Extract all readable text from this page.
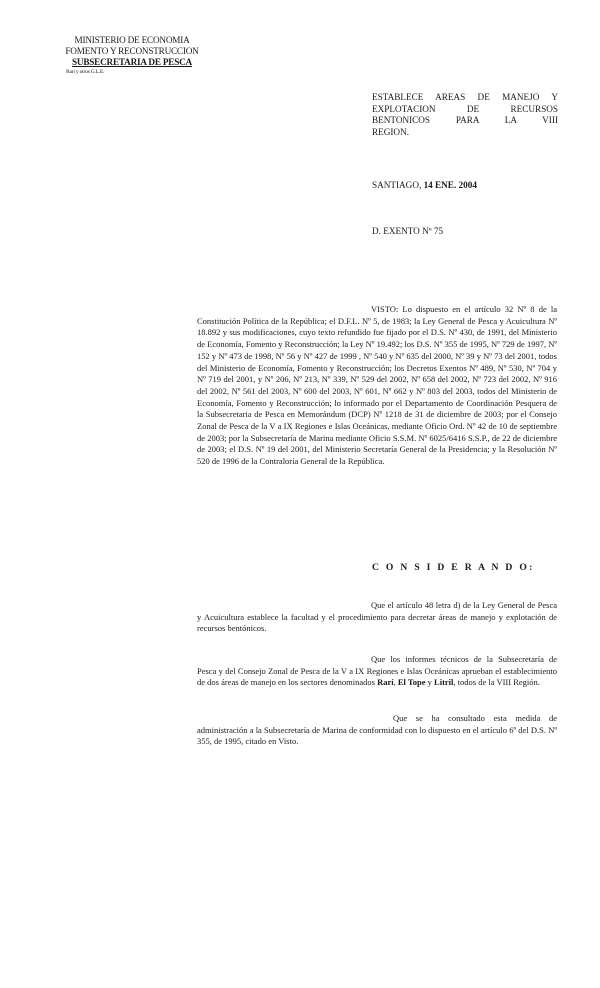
MINISTERIO DE ECONOMIA
FOMENTO Y RECONSTRUCCION
SUBSECRETARIA DE PESCA
Rari y otros G.L.E.
ESTABLECE AREAS DE MANEJO Y
EXPLOTACION DE RECURSOS
BENTONICOS PARA LA VIII
REGION.
SANTIAGO, 14 ENE. 2004
D. EXENTO Nº 75
VISTO: Lo dispuesto en el artículo 32 Nº 8 de la Constitución Política de la República; el D.F.L. Nº 5, de 1983; la Ley General de Pesca y Acuicultura Nº 18.892 y sus modificaciones, cuyo texto refundido fue fijado por el D.S. Nº 430, de 1991, del Ministerio de Economía, Fomento y Reconstrucción; la Ley Nº 19.492; los D.S. Nº 355 de 1995, Nº 729 de 1997, Nº 152 y Nº 473 de 1998, Nº 56 y Nº 427 de 1999 , Nº 540 y Nº 635 del 2000, Nº 39 y Nº 73 del 2001, todos del Ministerio de Economía, Fomento y Reconstrucción; los Decretos Exentos Nº 489, Nº 530, Nº 704 y Nº 719 del 2001, y Nº 206, Nº 213, Nº 339, Nº 529 del 2002, Nº 658 del 2002, Nº 723 del 2002, Nº 916 del 2002, Nº 561 del 2003, Nº 600 del 2003, Nº 601, Nº 662 y Nº 803 del 2003, todos del Ministerio de Economía, Fomento y Reconstrucción; lo informado por el Departamento de Coordinación Pesquera de la Subsecretaria de Pesca en Memorándum (DCP) Nº 1218 de 31 de diciembre de 2003; por el Consejo Zonal de Pesca de la V a IX Regiones e Islas Oceánicas, mediante Oficio Ord. Nº 42 de 10 de septiembre de 2003; por la Subsecretaría de Marina mediante Oficio S.S.M. Nº 6025/6416 S.S.P., de 22 de diciembre de 2003; el D.S. Nº 19 del 2001, del Ministerio Secretaría General de la Presidencia; y la Resolución Nº 520 de 1996 de la Contraloría General de la República.
C O N S I D E R A N D O:
Que el artículo 48 letra d) de la Ley General de Pesca y Acuicultura establece la facultad y el procedimiento para decretar áreas de manejo y explotación de recursos bentónicos.
Que los informes técnicos de la Subsecretaría de Pesca y del Consejo Zonal de Pesca de la V a IX Regiones e Islas Oceánicas aprueban el establecimiento de dos áreas de manejo en los sectores denominados Rarí, El Tope y Litril, todos de la VIII Región.
Que se ha consultado esta medida de administración a la Subsecretaría de Marina de conformidad con lo dispuesto en el artículo 6º del D.S. Nº 355, de 1995, citado en Visto.
